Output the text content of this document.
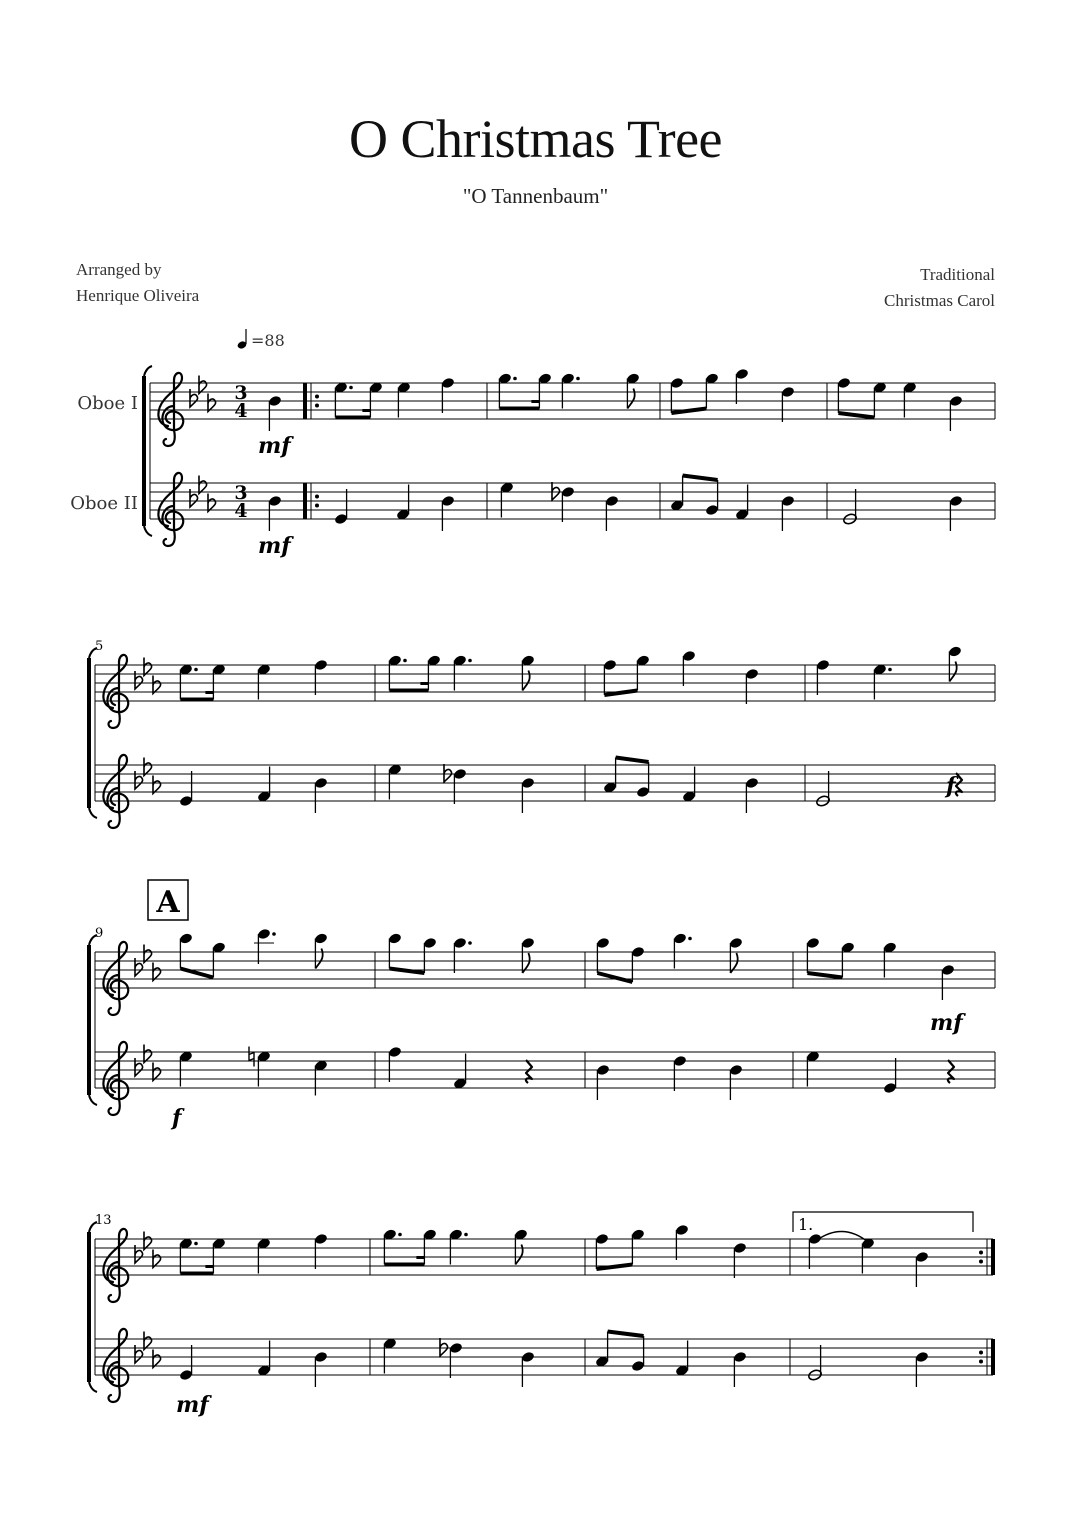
O Christmas Tree
"O Tannenbaum"
Arranged by
Henrique Oliveira
Traditional
Christmas Carol
=88
Oboe I
Oboe II
3
4
3
4
5
9
13
A
1.
mf
mf
f
f
mf
mf
